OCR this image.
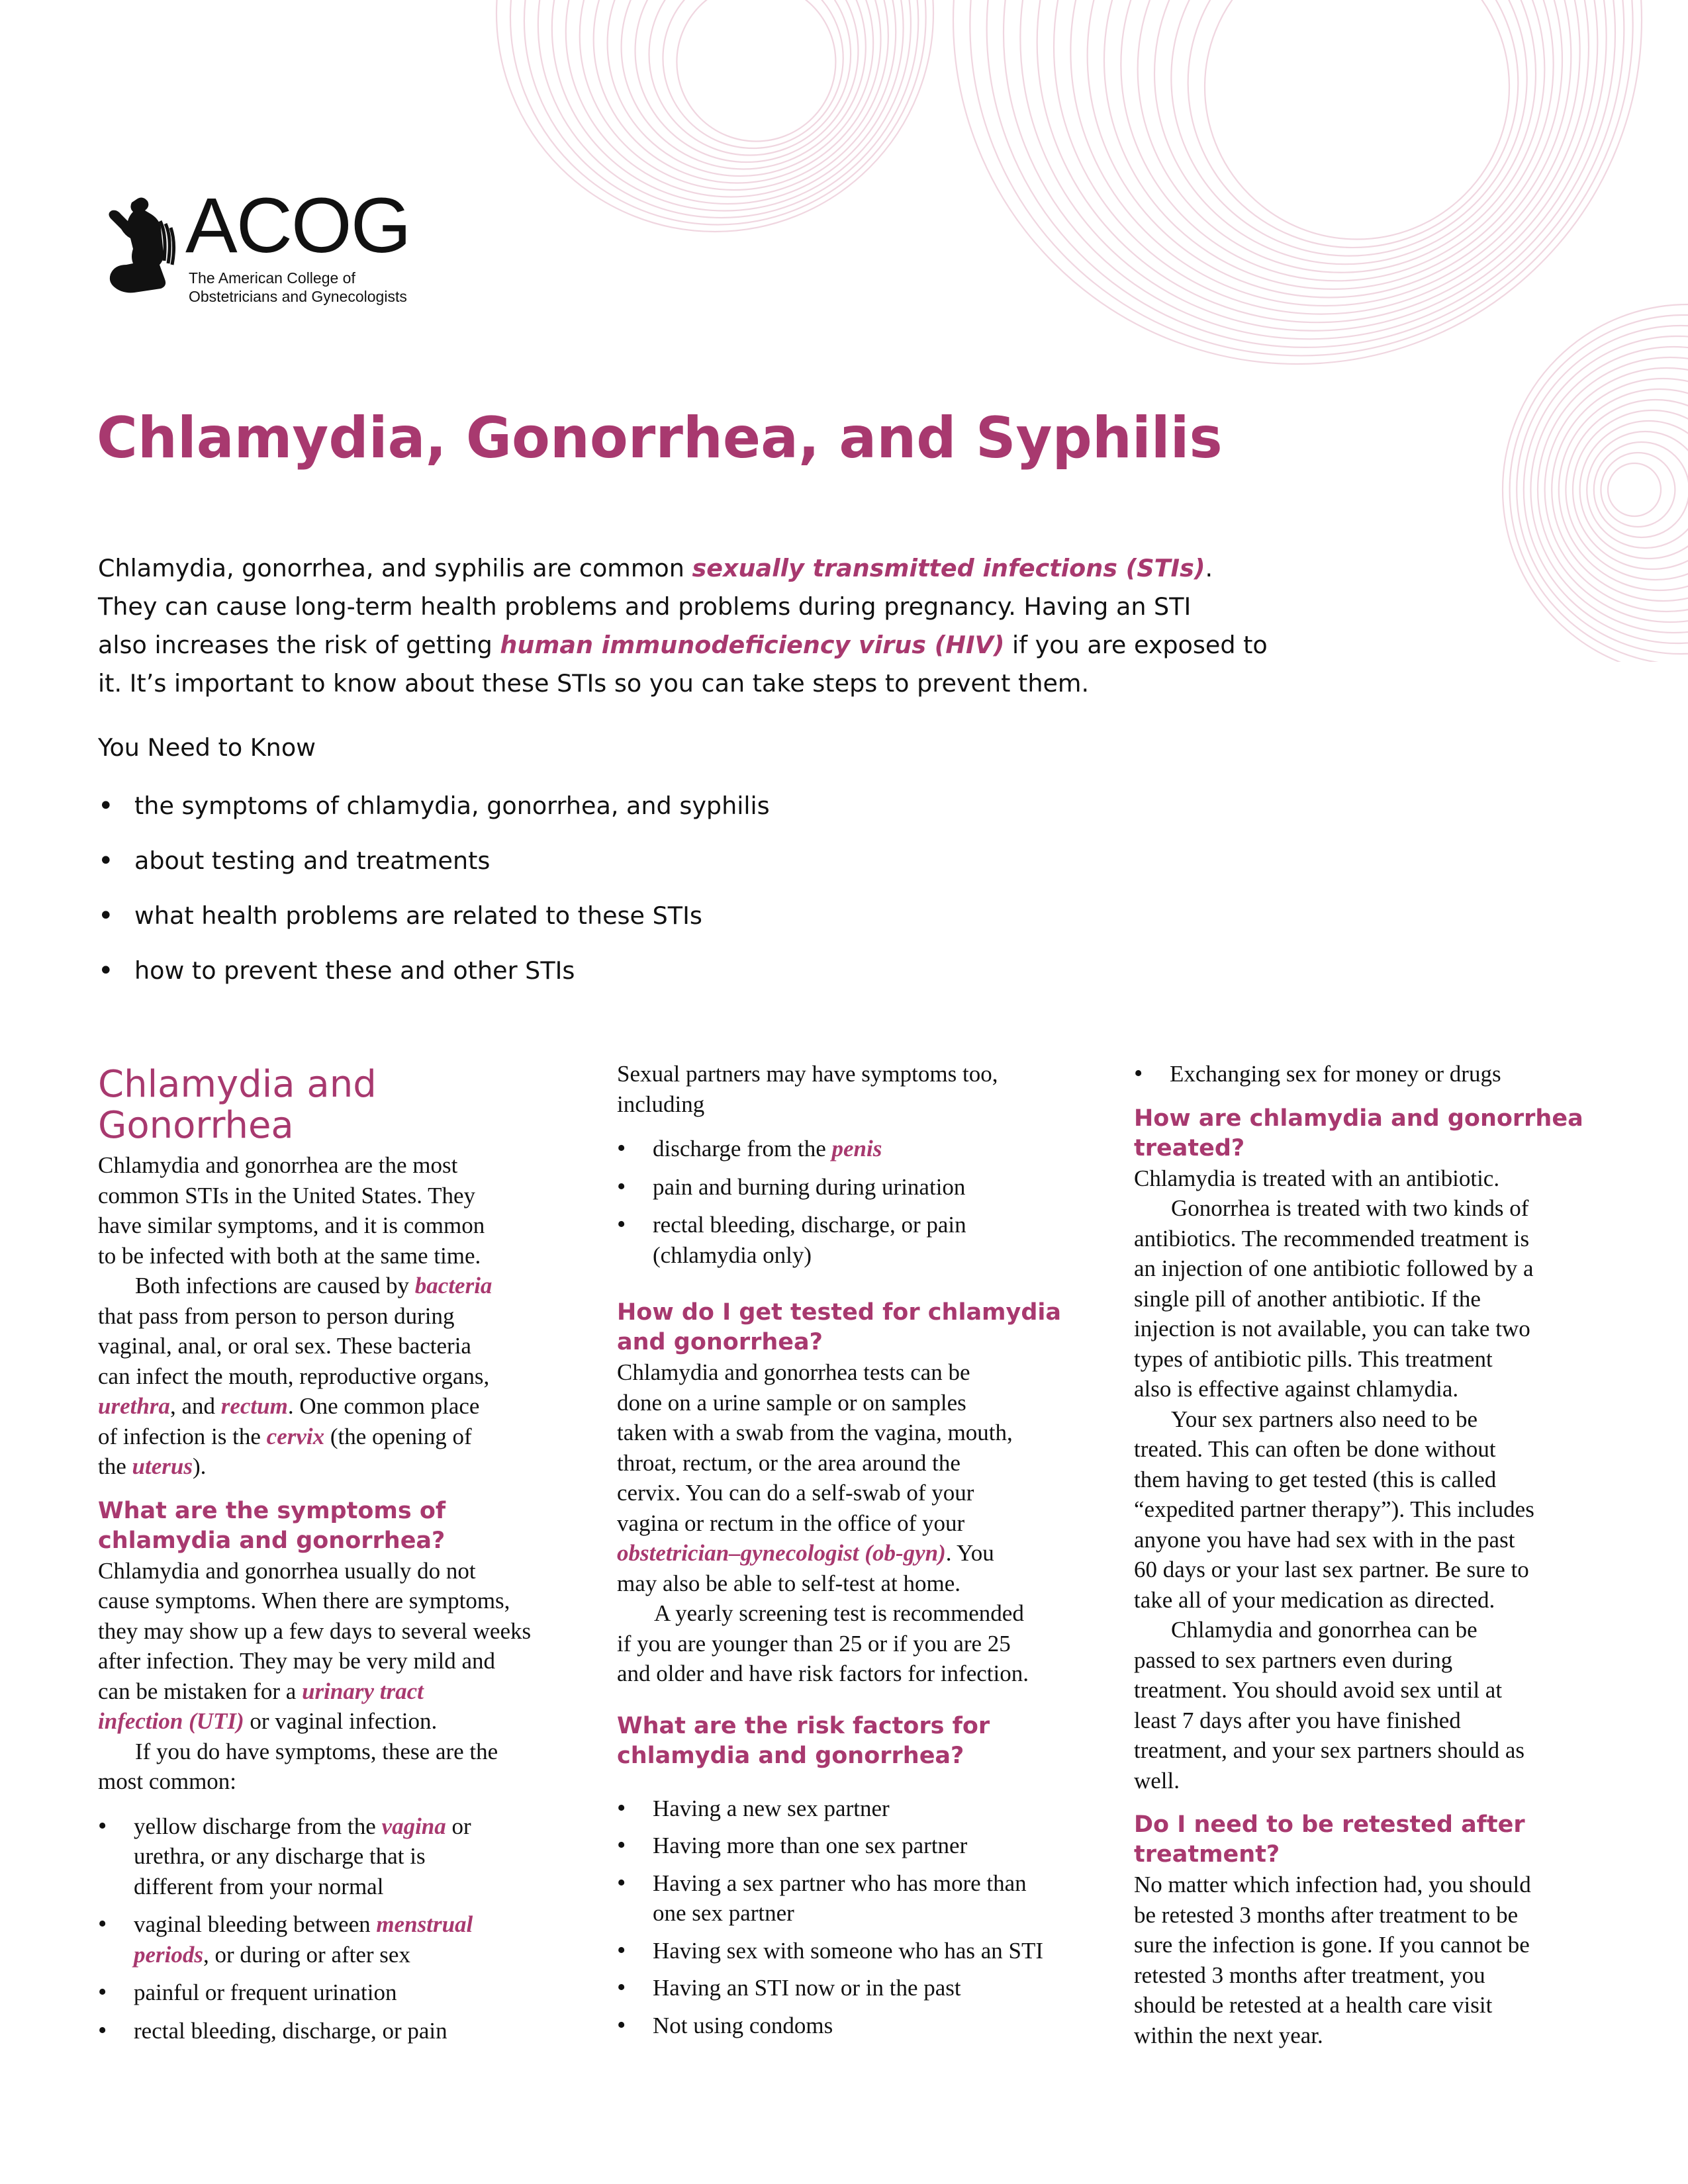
ACOG
The American College of
Obstetricians and Gynecologists
Chlamydia, Gonorrhea, and Syphilis
Chlamydia, gonorrhea, and syphilis are common sexually transmitted infections (STIs).
They can cause long-term health problems and problems during pregnancy. Having an STI
also increases the risk of getting human immunodeficiency virus (HIV) if you are exposed to
it. It’s important to know about these STIs so you can take steps to prevent them.
You Need to Know
• the symptoms of chlamydia, gonorrhea, and syphilis
• about testing and treatments
• what health problems are related to these STIs
• how to prevent these and other STIs
Chlamydia and
Gonorrhea

Chlamydia and gonorrhea are the most
common STIs in the United States. They
have similar symptoms, and it is common
to be infected with both at the same time.

Both infections are caused by bacteria
that pass from person to person during
vaginal, anal, or oral sex. These bacteria
can infect the mouth, reproductive organs,
urethra, and rectum. One common place
of infection is the cervix (the opening of
the uterus).

What are the symptoms of
chlamydia and gonorrhea?

Chlamydia and gonorrhea usually do not
cause symptoms. When there are symptoms,
they may show up a few days to several weeks
after infection. They may be very mild and
can be mistaken for a urinary tract
infection (UTI) or vaginal infection.

If you do have symptoms, these are the
most common:

• yellow discharge from the vagina or
urethra, or any discharge that is
different from your normal
• vaginal bleeding between menstrual
periods, or during or after sex
• painful or frequent urination
• rectal bleeding, discharge, or pain

Sexual partners may have symptoms too,
including

• discharge from the penis
• pain and burning during urination
• rectal bleeding, discharge, or pain
(chlamydia only)
How do I get tested for chlamydia
and gonorrhea?

Chlamydia and gonorrhea tests can be
done on a urine sample or on samples
taken with a swab from the vagina, mouth,
throat, rectum, or the area around the
cervix. You can do a self-swab of your
vagina or rectum in the office of your
obstetrician–gynecologist (ob-gyn). You
may also be able to self-test at home.

A yearly screening test is recommended
if you are younger than 25 or if you are 25
and older and have risk factors for infection.

What are the risk factors for
chlamydia and gonorrhea?
• Having a new sex partner
• Having more than one sex partner
• Having a sex partner who has more than
one sex partner
• Having sex with someone who has an STI
• Having an STI now or in the past
• Not using condoms
• Exchanging sex for money or drugs
How are chlamydia and gonorrhea
treated?

Chlamydia is treated with an antibiotic.

Gonorrhea is treated with two kinds of
antibiotics. The recommended treatment is
an injection of one antibiotic followed by a
single pill of another antibiotic. If the
injection is not available, you can take two
types of antibiotic pills. This treatment
also is effective against chlamydia.

Your sex partners also need to be
treated. This can often be done without
them having to get tested (this is called
“expedited partner therapy”). This includes
anyone you have had sex with in the past
60 days or your last sex partner. Be sure to
take all of your medication as directed.

Chlamydia and gonorrhea can be
passed to sex partners even during
treatment. You should avoid sex until at
least 7 days after you have finished
treatment, and your sex partners should as
well.

Do I need to be retested after
treatment?

No matter which infection had, you should
be retested 3 months after treatment to be
sure the infection is gone. If you cannot be
retested 3 months after treatment, you
should be retested at a health care visit
within the next year.
